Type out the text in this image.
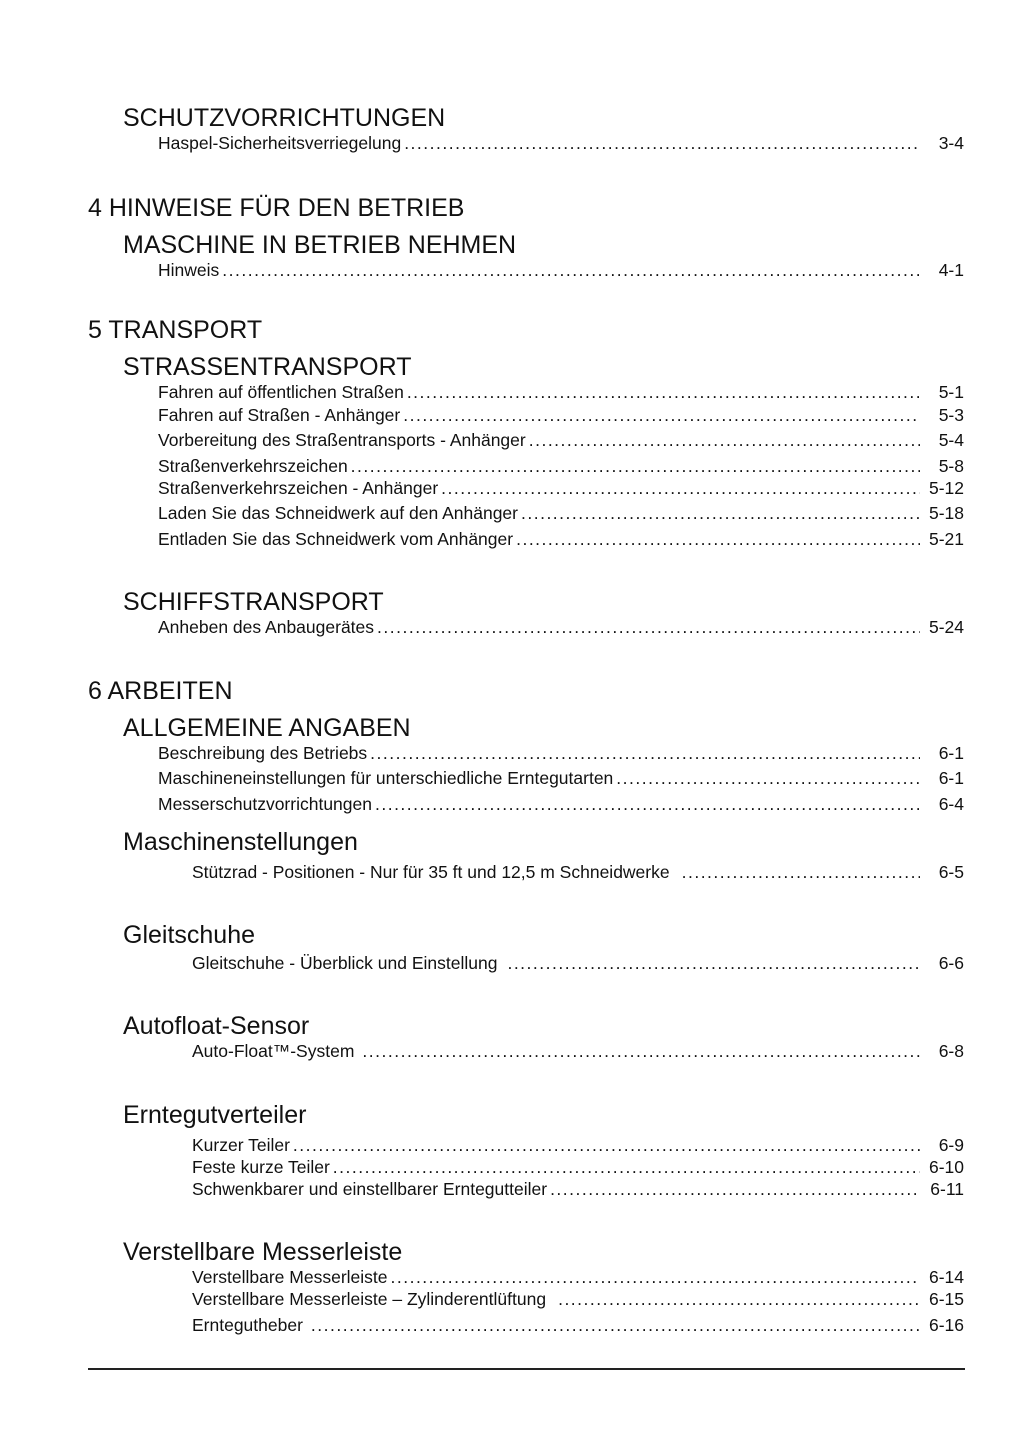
SCHUTZVORRICHTUNGEN
Haspel-Sicherheitsverriegelung .....	3-4
4 HINWEISE FÜR DEN BETRIEB
MASCHINE IN BETRIEB NEHMEN
Hinweis .....	4-1
5 TRANSPORT
STRASSENTRANSPORT
Fahren auf öffentlichen Straßen .....	5-1
Fahren auf Straßen - Anhänger .....	5-3
Vorbereitung des Straßentransports - Anhänger .....	5-4
Straßenverkehrszeichen .....	5-8
Straßenverkehrszeichen - Anhänger .....	5-12
Laden Sie das Schneidwerk auf den Anhänger .....	5-18
Entladen Sie das Schneidwerk vom Anhänger .....	5-21
SCHIFFSTRANSPORT
Anheben des Anbaugerätes .....	5-24
6 ARBEITEN
ALLGEMEINE ANGABEN
Beschreibung des Betriebs .....	6-1
Maschineneinstellungen für unterschiedliche Erntegutarten .....	6-1
Messerschutzvorrichtungen .....	6-4
Maschinenstellungen
Stützrad - Positionen - Nur für 35 ft und 12,5 m Schneidwerke .....	6-5
Gleitschuhe
Gleitschuhe - Überblick und Einstellung .....	6-6
Autofloat-Sensor
Auto-Float™-System .....	6-8
Erntegutverteiler
Kurzer Teiler .....	6-9
Feste kurze Teiler .....	6-10
Schwenkbarer und einstellbarer Erntegutteiler .....	6-11
Verstellbare Messerleiste
Verstellbare Messerleiste .....	6-14
Verstellbare Messerleiste – Zylinderentlüftung .....	6-15
Erntegutheber .....	6-16
